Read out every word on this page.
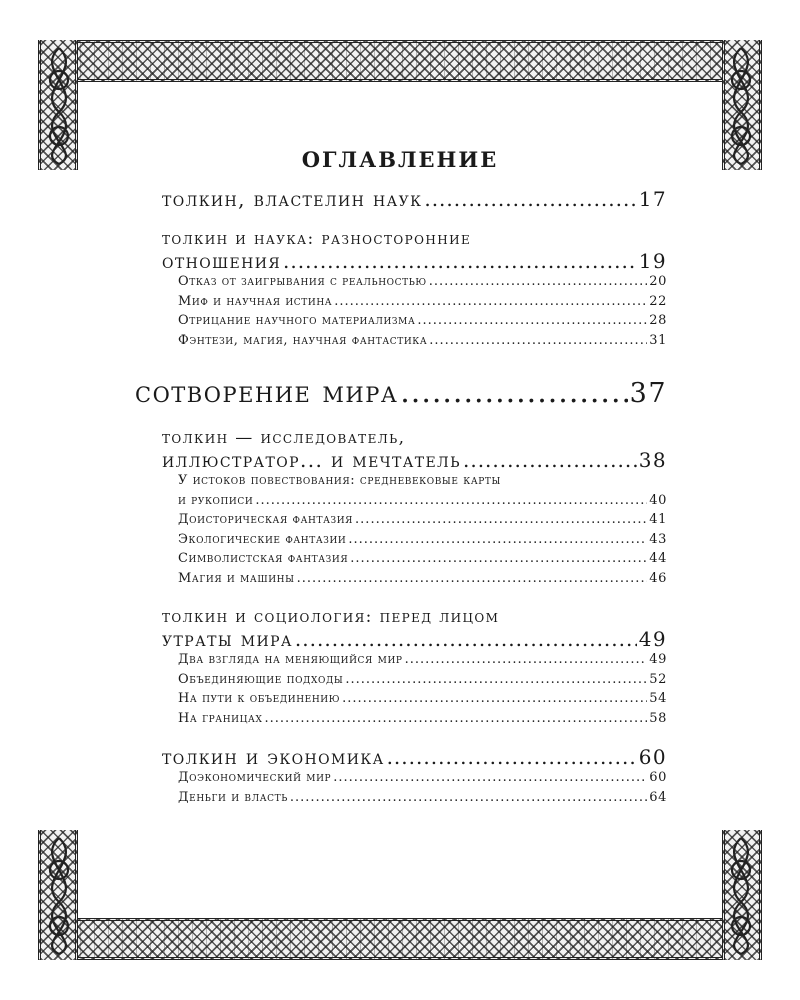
оглавление
толкин, властелин наук .....	17
толкин и наука: разносторонние
отношения .....	19
Отказ от заигрывания с реальностью .....	20
Миф и научная истина .....	22
Отрицание научного материализма .....	28
Фэнтези, магия, научная фантастика .....	31
сотворение мира .....	37
толкин — исследователь,
иллюстратор... и мечтатель .....	38
У истоков повествования: средневековые карты
и рукописи .....	40
Доисторическая фантазия .....	41
Экологические фантазии .....	43
Символистская фантазия .....	44
Магия и машины .....	46
толкин и социология: перед лицом
утраты мира .....	49
Два взгляда на меняющийся мир .....	49
Объединяющие подходы .....	52
На пути к объединению .....	54
На границах .....	58
толкин и экономика .....	60
Доэкономический мир .....	60
Деньги и власть .....	64
